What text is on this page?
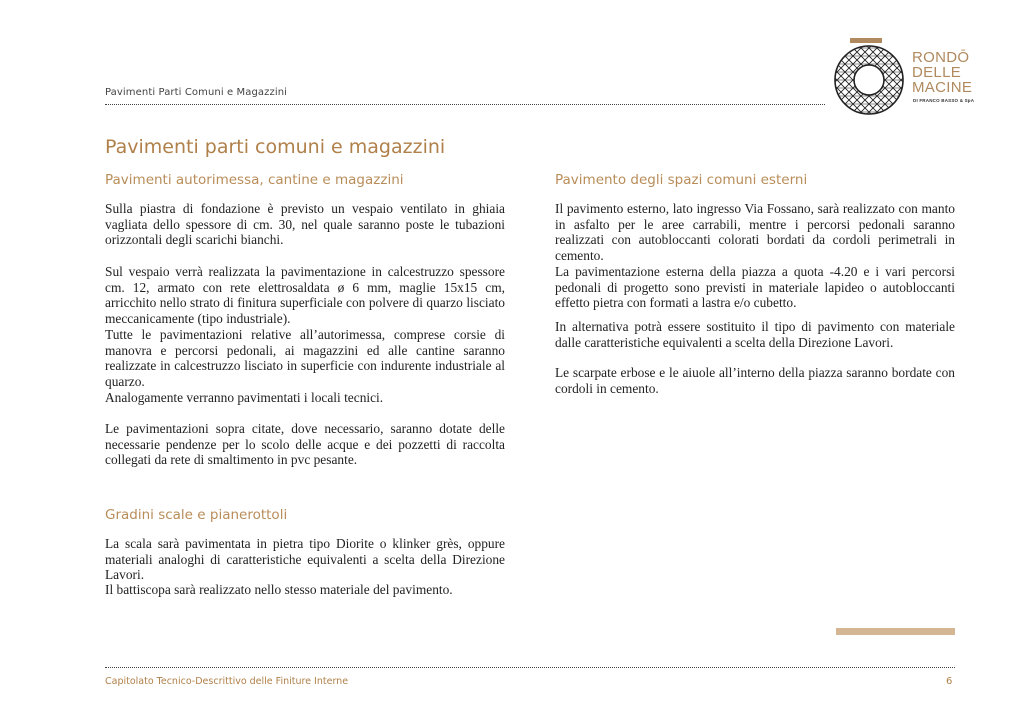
RONDŌ
DELLE
MACINE
DI FRANCO BASSO & SpA
Pavimenti Parti Comuni e Magazzini
Pavimenti parti comuni e magazzini
Pavimenti autorimessa, cantine e magazzini
Sulla piastra di fondazione è previsto un vespaio ventilato in ghiaia vagliata dello spessore di cm. 30, nel quale saranno poste le tubazioni orizzontali degli scarichi bianchi.
Sul vespaio verrà realizzata la pavimentazione in calcestruzzo spessore cm. 12, armato con rete elettrosaldata ø 6 mm, maglie 15x15 cm, arricchito nello strato di finitura superficiale con polvere di quarzo lisciato meccanicamente (tipo industriale).
Tutte le pavimentazioni relative all’autorimessa, comprese corsie di manovra e percorsi pedonali, ai magazzini ed alle cantine saranno realizzate in calcestruzzo lisciato in superficie con indurente industriale al quarzo.
Analogamente verranno pavimentati i locali tecnici.
Le pavimentazioni sopra citate, dove necessario, saranno dotate delle necessarie pendenze per lo scolo delle acque e dei pozzetti di raccolta collegati da rete di smaltimento in pvc pesante.
Gradini scale e pianerottoli
La scala sarà pavimentata in pietra tipo Diorite o klinker grès, oppure materiali analoghi di caratteristiche equivalenti a scelta della Direzione Lavori.
Il battiscopa sarà realizzato nello stesso materiale del pavimento.
Pavimento degli spazi comuni esterni
Il pavimento esterno, lato ingresso Via Fossano, sarà realizzato con manto in asfalto per le aree carrabili, mentre i percorsi pedonali saranno realizzati con autobloccanti colorati bordati da cordoli perimetrali in cemento.
La pavimentazione esterna della piazza a quota -4.20 e i vari percorsi pedonali di progetto sono previsti in materiale lapideo o autobloccanti effetto pietra con formati a lastra e/o cubetto.
In alternativa potrà essere sostituito il tipo di pavimento con materiale dalle caratteristiche equivalenti a scelta della Direzione Lavori.
Le scarpate erbose e le aiuole all’interno della piazza saranno bordate con cordoli in cemento.
Capitolato Tecnico-Descrittivo delle Finiture Interne	6
